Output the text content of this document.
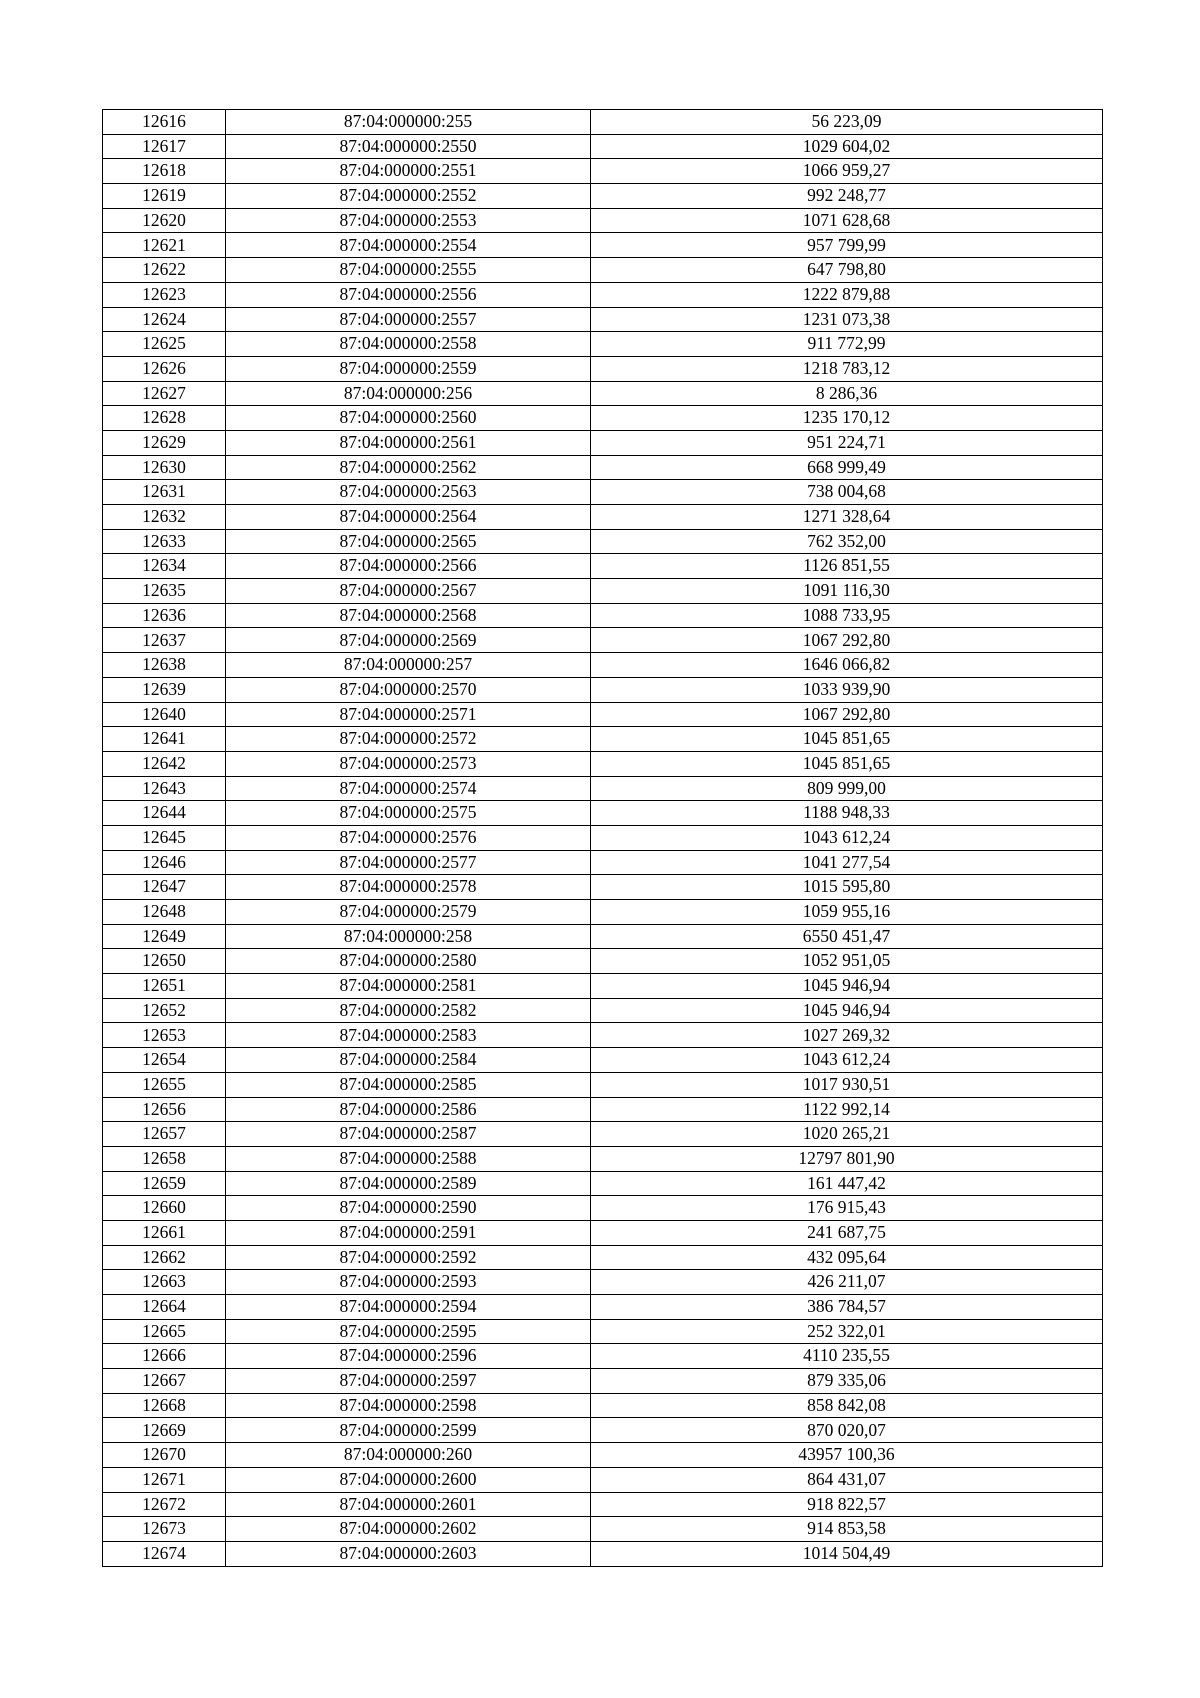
12616	87:04:000000:255	56 223,09
12617	87:04:000000:2550	1029 604,02
12618	87:04:000000:2551	1066 959,27
12619	87:04:000000:2552	992 248,77
12620	87:04:000000:2553	1071 628,68
12621	87:04:000000:2554	957 799,99
12622	87:04:000000:2555	647 798,80
12623	87:04:000000:2556	1222 879,88
12624	87:04:000000:2557	1231 073,38
12625	87:04:000000:2558	911 772,99
12626	87:04:000000:2559	1218 783,12
12627	87:04:000000:256	8 286,36
12628	87:04:000000:2560	1235 170,12
12629	87:04:000000:2561	951 224,71
12630	87:04:000000:2562	668 999,49
12631	87:04:000000:2563	738 004,68
12632	87:04:000000:2564	1271 328,64
12633	87:04:000000:2565	762 352,00
12634	87:04:000000:2566	1126 851,55
12635	87:04:000000:2567	1091 116,30
12636	87:04:000000:2568	1088 733,95
12637	87:04:000000:2569	1067 292,80
12638	87:04:000000:257	1646 066,82
12639	87:04:000000:2570	1033 939,90
12640	87:04:000000:2571	1067 292,80
12641	87:04:000000:2572	1045 851,65
12642	87:04:000000:2573	1045 851,65
12643	87:04:000000:2574	809 999,00
12644	87:04:000000:2575	1188 948,33
12645	87:04:000000:2576	1043 612,24
12646	87:04:000000:2577	1041 277,54
12647	87:04:000000:2578	1015 595,80
12648	87:04:000000:2579	1059 955,16
12649	87:04:000000:258	6550 451,47
12650	87:04:000000:2580	1052 951,05
12651	87:04:000000:2581	1045 946,94
12652	87:04:000000:2582	1045 946,94
12653	87:04:000000:2583	1027 269,32
12654	87:04:000000:2584	1043 612,24
12655	87:04:000000:2585	1017 930,51
12656	87:04:000000:2586	1122 992,14
12657	87:04:000000:2587	1020 265,21
12658	87:04:000000:2588	12797 801,90
12659	87:04:000000:2589	161 447,42
12660	87:04:000000:2590	176 915,43
12661	87:04:000000:2591	241 687,75
12662	87:04:000000:2592	432 095,64
12663	87:04:000000:2593	426 211,07
12664	87:04:000000:2594	386 784,57
12665	87:04:000000:2595	252 322,01
12666	87:04:000000:2596	4110 235,55
12667	87:04:000000:2597	879 335,06
12668	87:04:000000:2598	858 842,08
12669	87:04:000000:2599	870 020,07
12670	87:04:000000:260	43957 100,36
12671	87:04:000000:2600	864 431,07
12672	87:04:000000:2601	918 822,57
12673	87:04:000000:2602	914 853,58
12674	87:04:000000:2603	1014 504,49
